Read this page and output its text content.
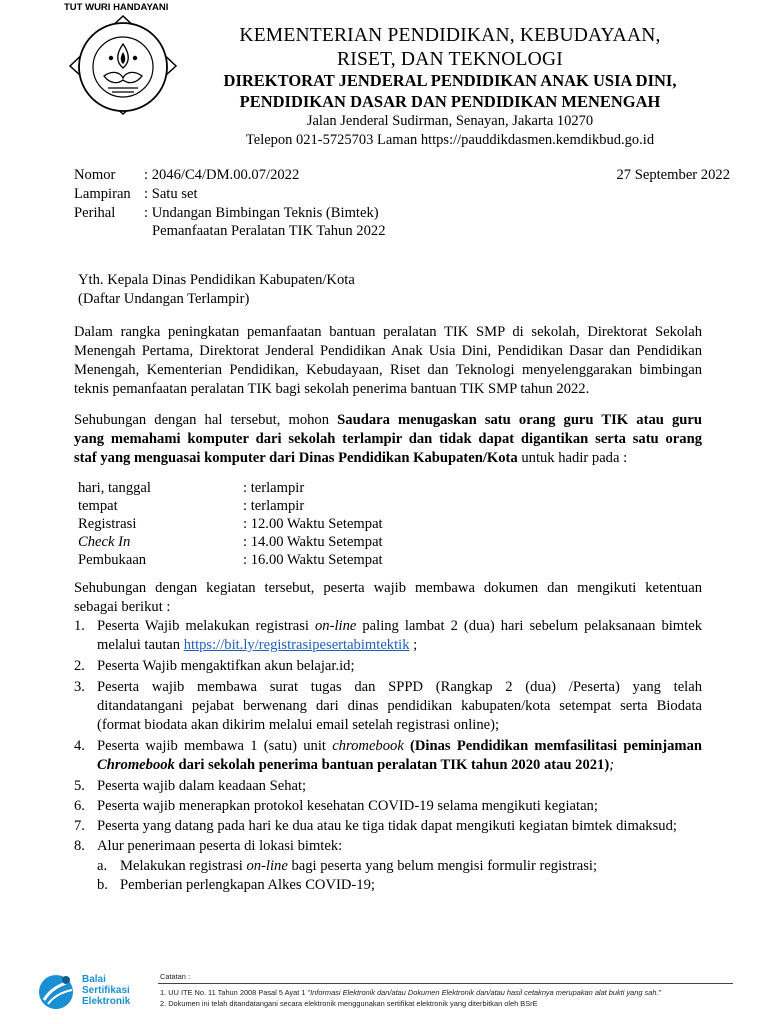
TUT WURI HANDAYANI
KEMENTERIAN PENDIDIKAN, KEBUDAYAAN,
RISET, DAN TEKNOLOGI
DIREKTORAT JENDERAL PENDIDIKAN ANAK USIA DINI,
PENDIDIKAN DASAR DAN PENDIDIKAN MENENGAH
Jalan Jenderal Sudirman, Senayan, Jakarta 10270
Telepon 021-5725703 Laman https://pauddikdasmen.kemdikbud.go.id
Nomor : 2046/C4/DM.00.07/2022	27 September 2022
Lampiran : Satu set
Perihal : Undangan Bimbingan Teknis (Bimtek)
Pemanfaatan Peralatan TIK Tahun 2022
Yth. Kepala Dinas Pendidikan Kabupaten/Kota
(Daftar Undangan Terlampir)
Dalam rangka peningkatan pemanfaatan bantuan peralatan TIK SMP di sekolah, Direktorat Sekolah
Menengah Pertama, Direktorat Jenderal Pendidikan Anak Usia Dini, Pendidikan Dasar dan Pendidikan
Menengah, Kementerian Pendidikan, Kebudayaan, Riset dan Teknologi menyelenggarakan bimbingan
teknis pemanfaatan peralatan TIK bagi sekolah penerima bantuan TIK SMP tahun 2022.
Sehubungan dengan hal tersebut, mohon Saudara menugaskan satu orang guru TIK atau guru
yang memahami komputer dari sekolah terlampir dan tidak dapat digantikan serta satu orang
staf yang menguasai komputer dari Dinas Pendidikan Kabupaten/Kota untuk hadir pada :
hari, tanggal	: terlampir
tempat	: terlampir
Registrasi	: 12.00 Waktu Setempat
Check In	: 14.00 Waktu Setempat
Pembukaan	: 16.00 Waktu Setempat
Sehubungan dengan kegiatan tersebut, peserta wajib membawa dokumen dan mengikuti ketentuan
sebagai berikut :
1. Peserta Wajib melakukan registrasi on-line paling lambat 2 (dua) hari sebelum pelaksanaan bimtek
melalui tautan https://bit.ly/registrasipesertabimtektik ;
2. Peserta Wajib mengaktifkan akun belajar.id;
3. Peserta wajib membawa surat tugas dan SPPD (Rangkap 2 (dua) /Peserta) yang telah
ditandatangani pejabat berwenang dari dinas pendidikan kabupaten/kota setempat serta Biodata
(format biodata akan dikirim melalui email setelah registrasi online);
4. Peserta wajib membawa 1 (satu) unit chromebook (Dinas Pendidikan memfasilitasi peminjaman
Chromebook dari sekolah penerima bantuan peralatan TIK tahun 2020 atau 2021);
5. Peserta wajib dalam keadaan Sehat;
6. Peserta wajib menerapkan protokol kesehatan COVID-19 selama mengikuti kegiatan;
7. Peserta yang datang pada hari ke dua atau ke tiga tidak dapat mengikuti kegiatan bimtek dimaksud;
8. Alur penerimaan peserta di lokasi bimtek:
a. Melakukan registrasi on-line bagi peserta yang belum mengisi formulir registrasi;
b. Pemberian perlengkapan Alkes COVID-19;
Balai
Sertifikasi
Elektronik
Catatan :
1. UU ITE No. 11 Tahun 2008 Pasal 5 Ayat 1 "Informasi Elektronik dan/atau Dokumen Elektronik dan/atau hasil cetaknya merupakan alat bukti yang sah."
2. Dokumen ini telah ditandatangani secara elektronik menggunakan sertifikat elektronik yang diterbitkan oleh BSrE
